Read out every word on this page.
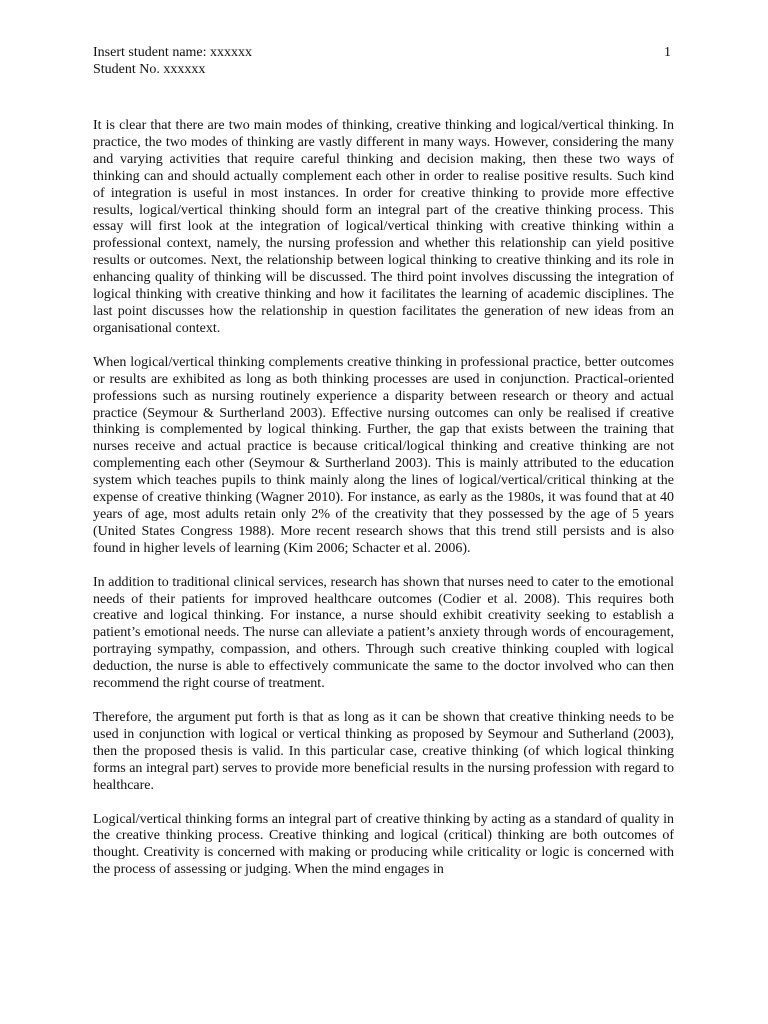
Insert student name: xxxxxx
Student No. xxxxxx
1

It is clear that there are two main modes of thinking, creative thinking and logical/vertical thinking. In practice, the two modes of thinking are vastly different in many ways. However, considering the many and varying activities that require careful thinking and decision making, then these two ways of thinking can and should actually complement each other in order to realise positive results. Such kind of integration is useful in most instances. In order for creative thinking to provide more effective results, logical/vertical thinking should form an integral part of the creative thinking process. This essay will first look at the integration of logical/vertical thinking with creative thinking within a professional context, namely, the nursing profession and whether this relationship can yield positive results or outcomes. Next, the relationship between logical thinking to creative thinking and its role in enhancing quality of thinking will be discussed. The third point involves discussing the integration of logical thinking with creative thinking and how it facilitates the learning of academic disciplines. The last point discusses how the relationship in question facilitates the generation of new ideas from an organisational context.

When logical/vertical thinking complements creative thinking in professional practice, better outcomes or results are exhibited as long as both thinking processes are used in conjunction. Practical-oriented professions such as nursing routinely experience a disparity between research or theory and actual practice (Seymour & Surtherland 2003). Effective nursing outcomes can only be realised if creative thinking is complemented by logical thinking. Further, the gap that exists between the training that nurses receive and actual practice is because critical/logical thinking and creative thinking are not complementing each other (Seymour & Surtherland 2003). This is mainly attributed to the education system which teaches pupils to think mainly along the lines of logical/vertical/critical thinking at the expense of creative thinking (Wagner 2010). For instance, as early as the 1980s, it was found that at 40 years of age, most adults retain only 2% of the creativity that they possessed by the age of 5 years (United States Congress 1988). More recent research shows that this trend still persists and is also found in higher levels of learning (Kim 2006; Schacter et al. 2006).

In addition to traditional clinical services, research has shown that nurses need to cater to the emotional needs of their patients for improved healthcare outcomes (Codier et al. 2008). This requires both creative and logical thinking. For instance, a nurse should exhibit creativity seeking to establish a patient’s emotional needs. The nurse can alleviate a patient’s anxiety through words of encouragement, portraying sympathy, compassion, and others. Through such creative thinking coupled with logical deduction, the nurse is able to effectively communicate the same to the doctor involved who can then recommend the right course of treatment.

Therefore, the argument put forth is that as long as it can be shown that creative thinking needs to be used in conjunction with logical or vertical thinking as proposed by Seymour and Sutherland (2003), then the proposed thesis is valid. In this particular case, creative thinking (of which logical thinking forms an integral part) serves to provide more beneficial results in the nursing profession with regard to healthcare.

Logical/vertical thinking forms an integral part of creative thinking by acting as a standard of quality in the creative thinking process. Creative thinking and logical (critical) thinking are both outcomes of thought. Creativity is concerned with making or producing while criticality or logic is concerned with the process of assessing or judging. When the mind engages in
